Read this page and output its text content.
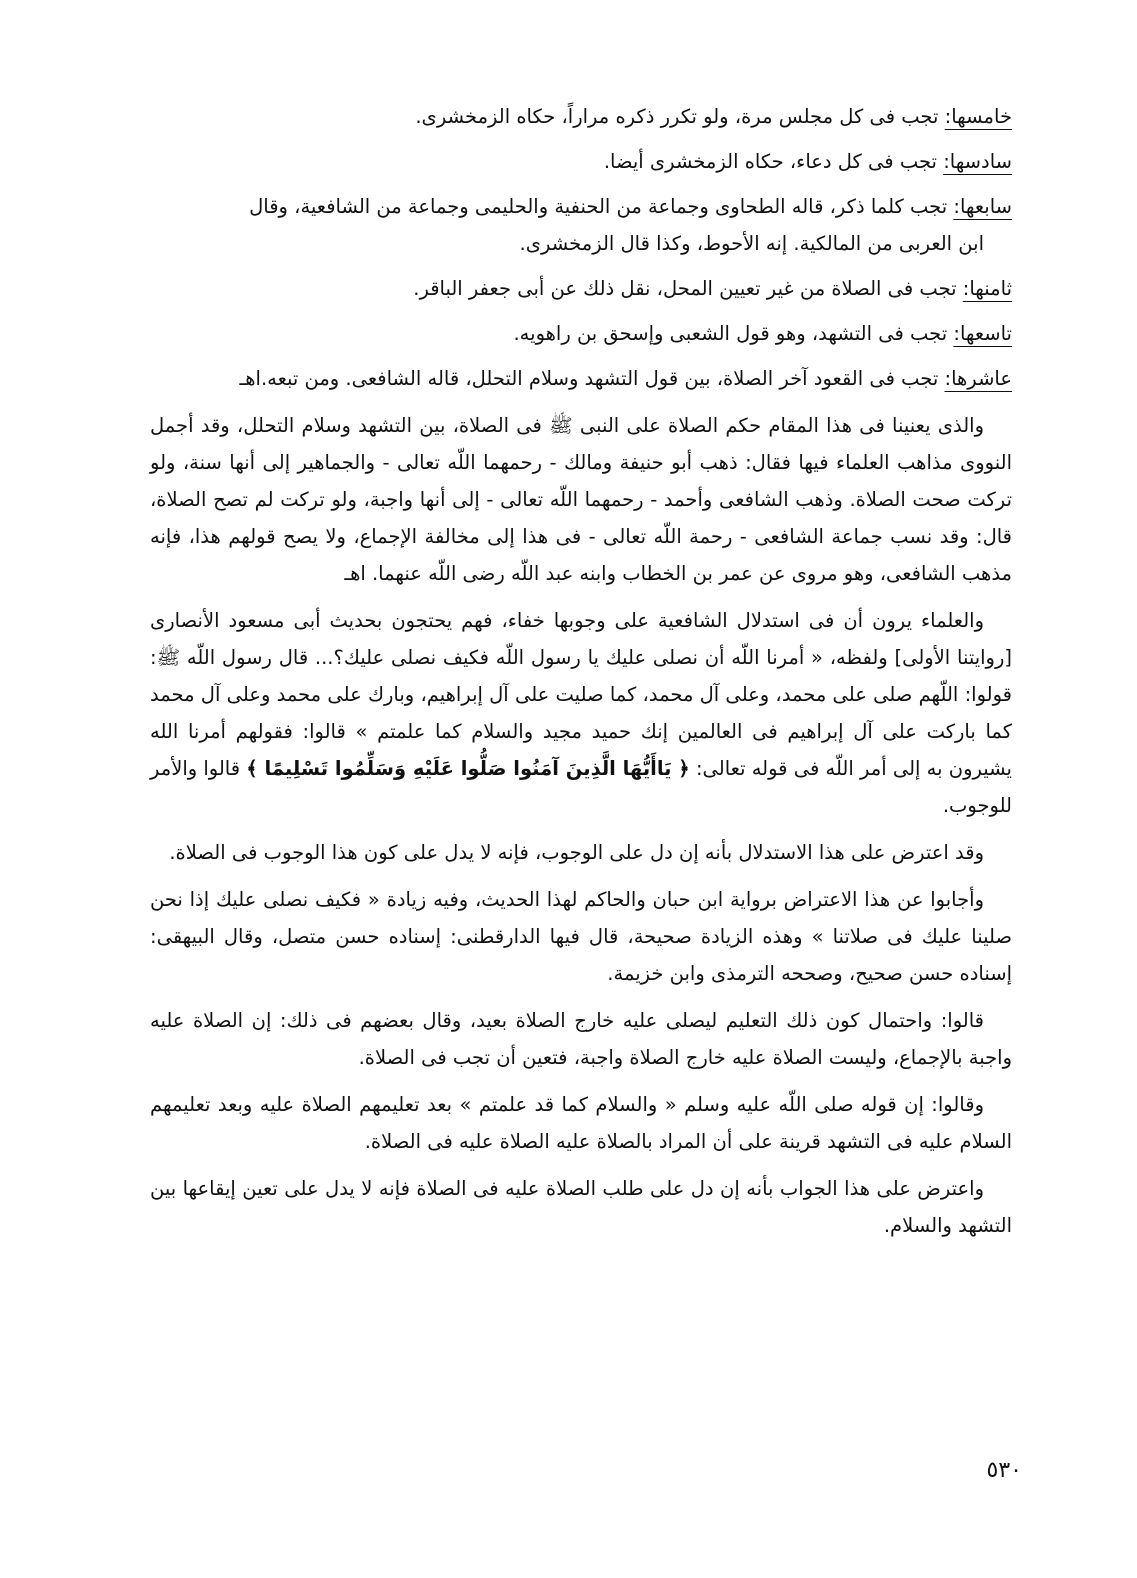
خامسها: تجب فى كل مجلس مرة، ولو تكرر ذكره مراراً، حكاه الزمخشرى.
سادسها: تجب فى كل دعاء، حكاه الزمخشرى أيضا.
سابعها: تجب كلما ذكر، قاله الطحاوى وجماعة من الحنفية والحليمى وجماعة من الشافعية، وقال
ابن العربى من المالكية. إنه الأحوط، وكذا قال الزمخشرى.
ثامنها: تجب فى الصلاة من غير تعيين المحل، نقل ذلك عن أبى جعفر الباقر.
تاسعها: تجب فى التشهد، وهو قول الشعبى وإسحق بن راهويه.
عاشرها: تجب فى القعود آخر الصلاة، بين قول التشهد وسلام التحلل، قاله الشافعى. ومن تبعه.اهـ

والذى يعنينا فى هذا المقام حكم الصلاة على النبى ﷺ فى الصلاة، بين التشهد وسلام التحلل، وقد أجمل النووى مذاهب العلماء فيها فقال: ذهب أبو حنيفة ومالك - رحمهما اللّه تعالى - والجماهير إلى أنها سنة، ولو تركت صحت الصلاة. وذهب الشافعى وأحمد - رحمهما اللّه تعالى - إلى أنها واجبة، ولو تركت لم تصح الصلاة، قال: وقد نسب جماعة الشافعى - رحمة اللّه تعالى - فى هذا إلى مخالفة الإجماع، ولا يصح قولهم هذا، فإنه مذهب الشافعى، وهو مروى عن عمر بن الخطاب وابنه عبد اللّه رضى اللّه عنهما. اهـ

والعلماء يرون أن فى استدلال الشافعية على وجوبها خفاء، فهم يحتجون بحديث أبى مسعود الأنصارى [روايتنا الأولى] ولفظه، « أمرنا اللّه أن نصلى عليك يا رسول اللّه فكيف نصلى عليك؟... قال رسول اللّه ﷺ: قولوا: اللّهم صلى على محمد، وعلى آل محمد، كما صليت على آل إبراهيم، وبارك على محمد وعلى آل محمد كما باركت على آل إبراهيم فى العالمين إنك حميد مجيد والسلام كما علمتم » قالوا: فقولهم أمرنا الله يشيرون به إلى أمر اللّه فى قوله تعالى: ﴿ يَاأَيُّهَا الَّذِينَ آمَنُوا صَلُّوا عَلَيْهِ وَسَلِّمُوا تَسْلِيمًا ﴾ قالوا والأمر للوجوب.

وقد اعترض على هذا الاستدلال بأنه إن دل على الوجوب، فإنه لا يدل على كون هذا الوجوب فى الصلاة.

وأجابوا عن هذا الاعتراض برواية ابن حبان والحاكم لهذا الحديث، وفيه زيادة « فكيف نصلى عليك إذا نحن صلينا عليك فى صلاتنا » وهذه الزيادة صحيحة، قال فيها الدارقطنى: إسناده حسن متصل، وقال البيهقى: إسناده حسن صحيح، وصححه الترمذى وابن خزيمة.

قالوا: واحتمال كون ذلك التعليم ليصلى عليه خارج الصلاة بعيد، وقال بعضهم فى ذلك: إن الصلاة عليه واجبة بالإجماع، وليست الصلاة عليه خارج الصلاة واجبة، فتعين أن تجب فى الصلاة.

وقالوا: إن قوله صلى اللّه عليه وسلم « والسلام كما قد علمتم » بعد تعليمهم الصلاة عليه وبعد تعليمهم السلام عليه فى التشهد قرينة على أن المراد بالصلاة عليه الصلاة عليه فى الصلاة.

واعترض على هذا الجواب بأنه إن دل على طلب الصلاة عليه فى الصلاة فإنه لا يدل على تعين إيقاعها بين التشهد والسلام.

٥٣٠
